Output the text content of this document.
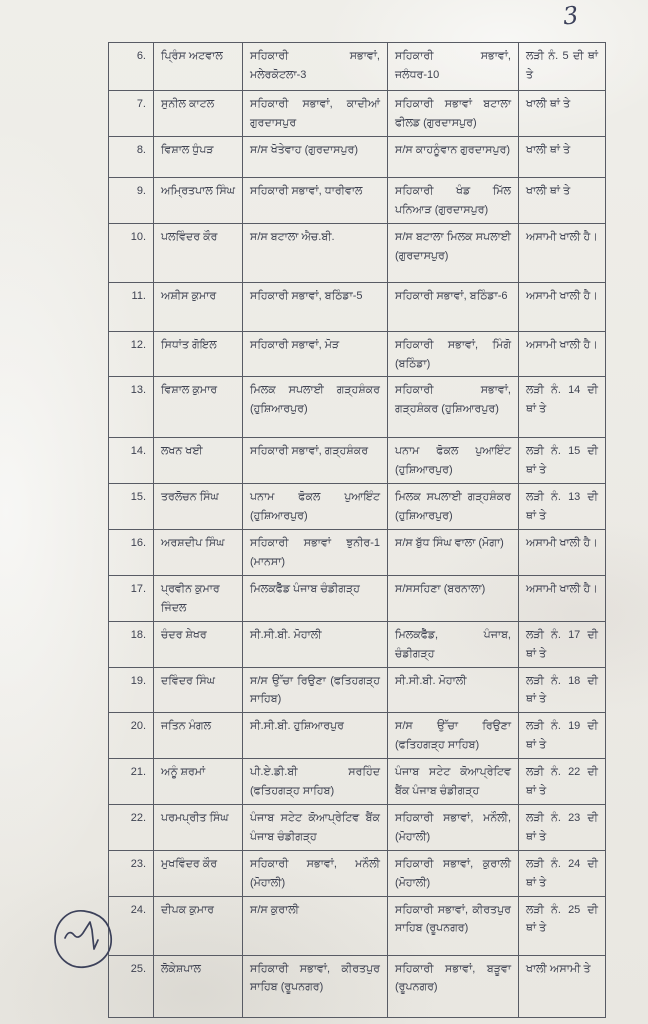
3
6.	ਪ੍ਰਿੰਸ ਅਟਵਾਲ	ਸਹਿਕਾਰੀ ਸਭਾਵਾਂ, ਮਲੇਰਕੋਟਲਾ-3	ਸਹਿਕਾਰੀ ਸਭਾਵਾਂ, ਜਲੰਧਰ-10	ਲੜੀ ਨੰ. 5 ਦੀ ਥਾਂ ਤੇ
7.	ਸੁਨੀਲ ਕਾਟਲ	ਸਹਿਕਾਰੀ ਸਭਾਵਾਂ, ਕਾਦੀਆਂ ਗੁਰਦਾਸਪੁਰ	ਸਹਿਕਾਰੀ ਸਭਾਵਾਂ ਬਟਾਲਾ ਫੀਲਡ (ਗੁਰਦਾਸਪੁਰ)	ਖਾਲੀ ਥਾਂ ਤੇ
8.	ਵਿਸ਼ਾਲ ਧੁੰਪੜ	ਸ/ਸ ਖੋਤੇਵਾਹ (ਗੁਰਦਾਸਪੁਰ)	ਸ/ਸ ਕਾਹਨੂੰਵਾਨ ਗੁਰਦਾਸਪੁਰ)	ਖਾਲੀ ਥਾਂ ਤੇ
9.	ਅਮ੍ਰਿਤਪਾਲ ਸਿੰਘ	ਸਹਿਕਾਰੀ ਸਭਾਵਾਂ, ਧਾਰੀਵਾਲ	ਸਹਿਕਾਰੀ ਖੰਡ ਮਿੱਲ ਪਨਿਆੜ (ਗੁਰਦਾਸਪੁਰ)	ਖਾਲੀ ਥਾਂ ਤੇ
10.	ਪਲਵਿੰਦਰ ਕੌਰ	ਸ/ਸ ਬਟਾਲਾ ਐਚ.ਬੀ.	ਸ/ਸ ਬਟਾਲਾ ਮਿਲਕ ਸਪਲਾਈ (ਗੁਰਦਾਸਪੁਰ)	ਅਸਾਮੀ ਖਾਲੀ ਹੈ।
11.	ਅਸ਼ੀਸ ਕੁਮਾਰ	ਸਹਿਕਾਰੀ ਸਭਾਵਾਂ, ਬਠਿੰਡਾ-5	ਸਹਿਕਾਰੀ ਸਭਾਵਾਂ, ਬਠਿੰਡਾ-6	ਅਸਾਮੀ ਖਾਲੀ ਹੈ।
12.	ਸਿਧਾਂਤ ਗੋਇਲ	ਸਹਿਕਾਰੀ ਸਭਾਵਾਂ, ਮੋੜ	ਸਹਿਕਾਰੀ ਸਭਾਵਾਂ, ਮਿੰਗੋ (ਬਠਿੰਡਾ)	ਅਸਾਮੀ ਖਾਲੀ ਹੈ।
13.	ਵਿਸ਼ਾਲ ਕੁਮਾਰ	ਮਿਲਕ ਸਪਲਾਈ ਗੜ੍ਹਸ਼ੰਕਰ (ਹੁਸ਼ਿਆਰਪੁਰ)	ਸਹਿਕਾਰੀ ਸਭਾਵਾਂ, ਗੜ੍ਹਸ਼ੰਕਰ (ਹੁਸ਼ਿਆਰਪੁਰ)	ਲੜੀ ਨੰ. 14 ਦੀ ਥਾਂ ਤੇ
14.	ਲਖਨ ਖਈ	ਸਹਿਕਾਰੀ ਸਭਾਵਾਂ, ਗੜ੍ਹਸ਼ੰਕਰ	ਪਨਾਮ ਫੋਕਲ ਪੁਆਇੰਟ (ਹੁਸ਼ਿਆਰਪੁਰ)	ਲੜੀ ਨੰ. 15 ਦੀ ਥਾਂ ਤੇ
15.	ਤਰਲੋਚਨ ਸਿੰਘ	ਪਨਾਮ ਫੋਕਲ ਪੁਆਇੰਟ (ਹੁਸ਼ਿਆਰਪੁਰ)	ਮਿਲਕ ਸਪਲਾਈ ਗੜ੍ਹਸ਼ੰਕਰ (ਹੁਸ਼ਿਆਰਪੁਰ)	ਲੜੀ ਨੰ. 13 ਦੀ ਥਾਂ ਤੇ
16.	ਅਰਸ਼ਦੀਪ ਸਿੰਘ	ਸਹਿਕਾਰੀ ਸਭਾਵਾਂ ਝੁਨੀਰ-1 (ਮਾਨਸਾ)	ਸ/ਸ ਬੁੱਧ ਸਿੰਘ ਵਾਲਾ (ਮੋਗਾ)	ਅਸਾਮੀ ਖਾਲੀ ਹੈ।
17.	ਪ੍ਰਵੀਨ ਕੁਮਾਰ ਜਿੰਦਲ	ਮਿਲਕਫੈੱਡ ਪੰਜਾਬ ਚੰਡੀਗੜ੍ਹ	ਸ/ਸਸਹਿਣਾ (ਬਰਨਾਲਾ)	ਅਸਾਮੀ ਖਾਲੀ ਹੈ।
18.	ਚੰਦਰ ਸ਼ੇਖਰ	ਸੀ.ਸੀ.ਬੀ. ਮੋਹਾਲੀ	ਮਿਲਕਫੈੱਡ, ਪੰਜਾਬ, ਚੰਡੀਗੜ੍ਹ	ਲੜੀ ਨੰ. 17 ਦੀ ਥਾਂ ਤੇ
19.	ਦਵਿੰਦਰ ਸਿੰਘ	ਸ/ਸ ਉੱਚਾ ਰਿਉਣਾ (ਫਤਿਹਗੜ੍ਹ ਸਾਹਿਬ)	ਸੀ.ਸੀ.ਬੀ. ਮੋਹਾਲੀ	ਲੜੀ ਨੰ. 18 ਦੀ ਥਾਂ ਤੇ
20.	ਜਤਿਨ ਮੰਗਲ	ਸੀ.ਸੀ.ਬੀ. ਹੁਸ਼ਿਆਰਪੁਰ	ਸ/ਸ ਉੱਚਾ ਰਿਉਣਾ (ਫਤਿਹਗੜ੍ਹ ਸਾਹਿਬ)	ਲੜੀ ਨੰ. 19 ਦੀ ਥਾਂ ਤੇ
21.	ਅਨੂੰ ਸ਼ਰਮਾਂ	ਪੀ.ਏ.ਡੀ.ਬੀ ਸਰਹਿੰਦ (ਫਤਿਹਗੜ੍ਹ ਸਾਹਿਬ)	ਪੰਜਾਬ ਸਟੇਟ ਕੋਆਪ੍ਰੇਟਿਵ ਬੈਂਕ ਪੰਜਾਬ ਚੰਡੀਗੜ੍ਹ	ਲੜੀ ਨੰ. 22 ਦੀ ਥਾਂ ਤੇ
22.	ਪਰਮਪ੍ਰੀਤ ਸਿੰਘ	ਪੰਜਾਬ ਸਟੇਟ ਕੋਆਪ੍ਰੇਟਿਵ ਬੈਂਕ ਪੰਜਾਬ ਚੰਡੀਗੜ੍ਹ	ਸਹਿਕਾਰੀ ਸਭਾਵਾਂ, ਮਨੌਲੀ, (ਮੋਹਾਲੀ)	ਲੜੀ ਨੰ. 23 ਦੀ ਥਾਂ ਤੇ
23.	ਮੁਖਵਿੰਦਰ ਕੌਰ	ਸਹਿਕਾਰੀ ਸਭਾਵਾਂ, ਮਨੌਲੀ (ਮੋਹਾਲੀ)	ਸਹਿਕਾਰੀ ਸਭਾਵਾਂ, ਕੁਰਾਲੀ (ਮੋਹਾਲੀ)	ਲੜੀ ਨੰ. 24 ਦੀ ਥਾਂ ਤੇ
24.	ਦੀਪਕ ਕੁਮਾਰ	ਸ/ਸ ਕੁਰਾਲੀ	ਸਹਿਕਾਰੀ ਸਭਾਵਾਂ, ਕੀਰਤਪੁਰ ਸਾਹਿਬ (ਰੂਪਨਗਰ)	ਲੜੀ ਨੰ. 25 ਦੀ ਥਾਂ ਤੇ
25.	ਲੋਕੇਸ਼ਪਾਲ	ਸਹਿਕਾਰੀ ਸਭਾਵਾਂ, ਕੀਰਤਪੁਰ ਸਾਹਿਬ (ਰੂਪਨਗਰ)	ਸਹਿਕਾਰੀ ਸਭਾਵਾਂ, ਬੜੂਵਾ (ਰੂਪਨਗਰ)	ਖਾਲੀ ਅਸਾਮੀ ਤੇ
